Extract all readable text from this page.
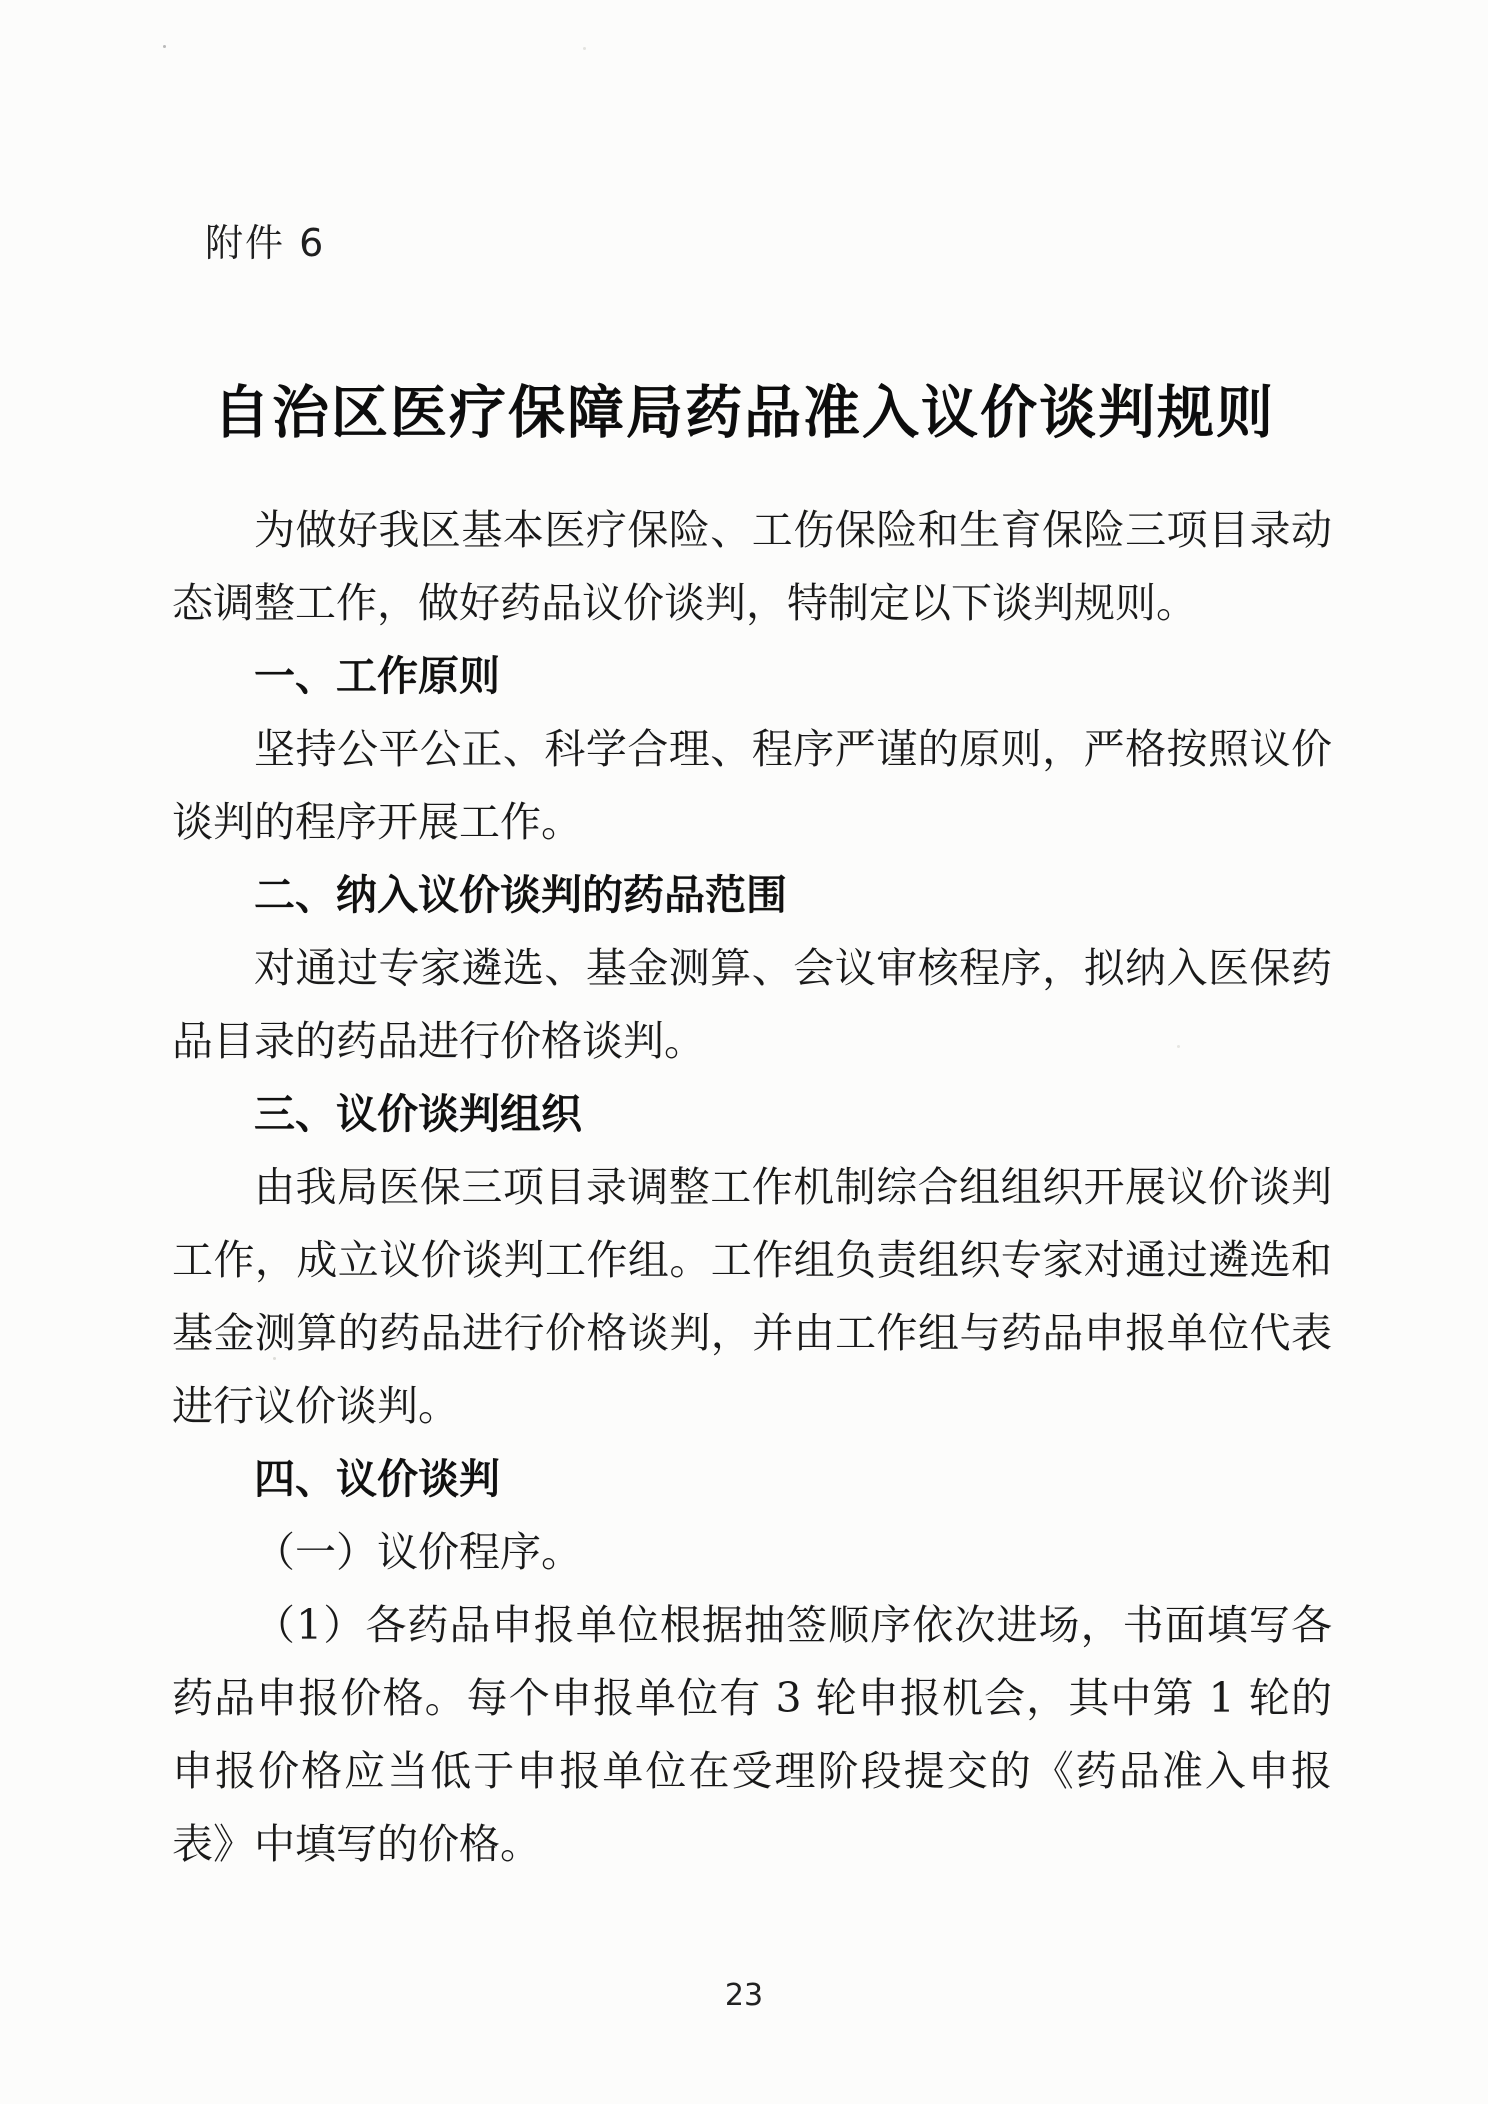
附件 6
自治区医疗保障局药品准入议价谈判规则

为做好我区基本医疗保险、工伤保险和生育保险三项目录动态调整工作，做好药品议价谈判，特制定以下谈判规则。

一、工作原则

坚持公平公正、科学合理、程序严谨的原则，严格按照议价谈判的程序开展工作。

二、纳入议价谈判的药品范围

对通过专家遴选、基金测算、会议审核程序，拟纳入医保药品目录的药品进行价格谈判。

三、议价谈判组织

由我局医保三项目录调整工作机制综合组组织开展议价谈判工作，成立议价谈判工作组。工作组负责组织专家对通过遴选和基金测算的药品进行价格谈判，并由工作组与药品申报单位代表进行议价谈判。

四、议价谈判

（一）议价程序。

（1）各药品申报单位根据抽签顺序依次进场，书面填写各药品申报价格。每个申报单位有 3 轮申报机会，其中第 1 轮的申报价格应当低于申报单位在受理阶段提交的《药品准入申报表》中填写的价格。

23
